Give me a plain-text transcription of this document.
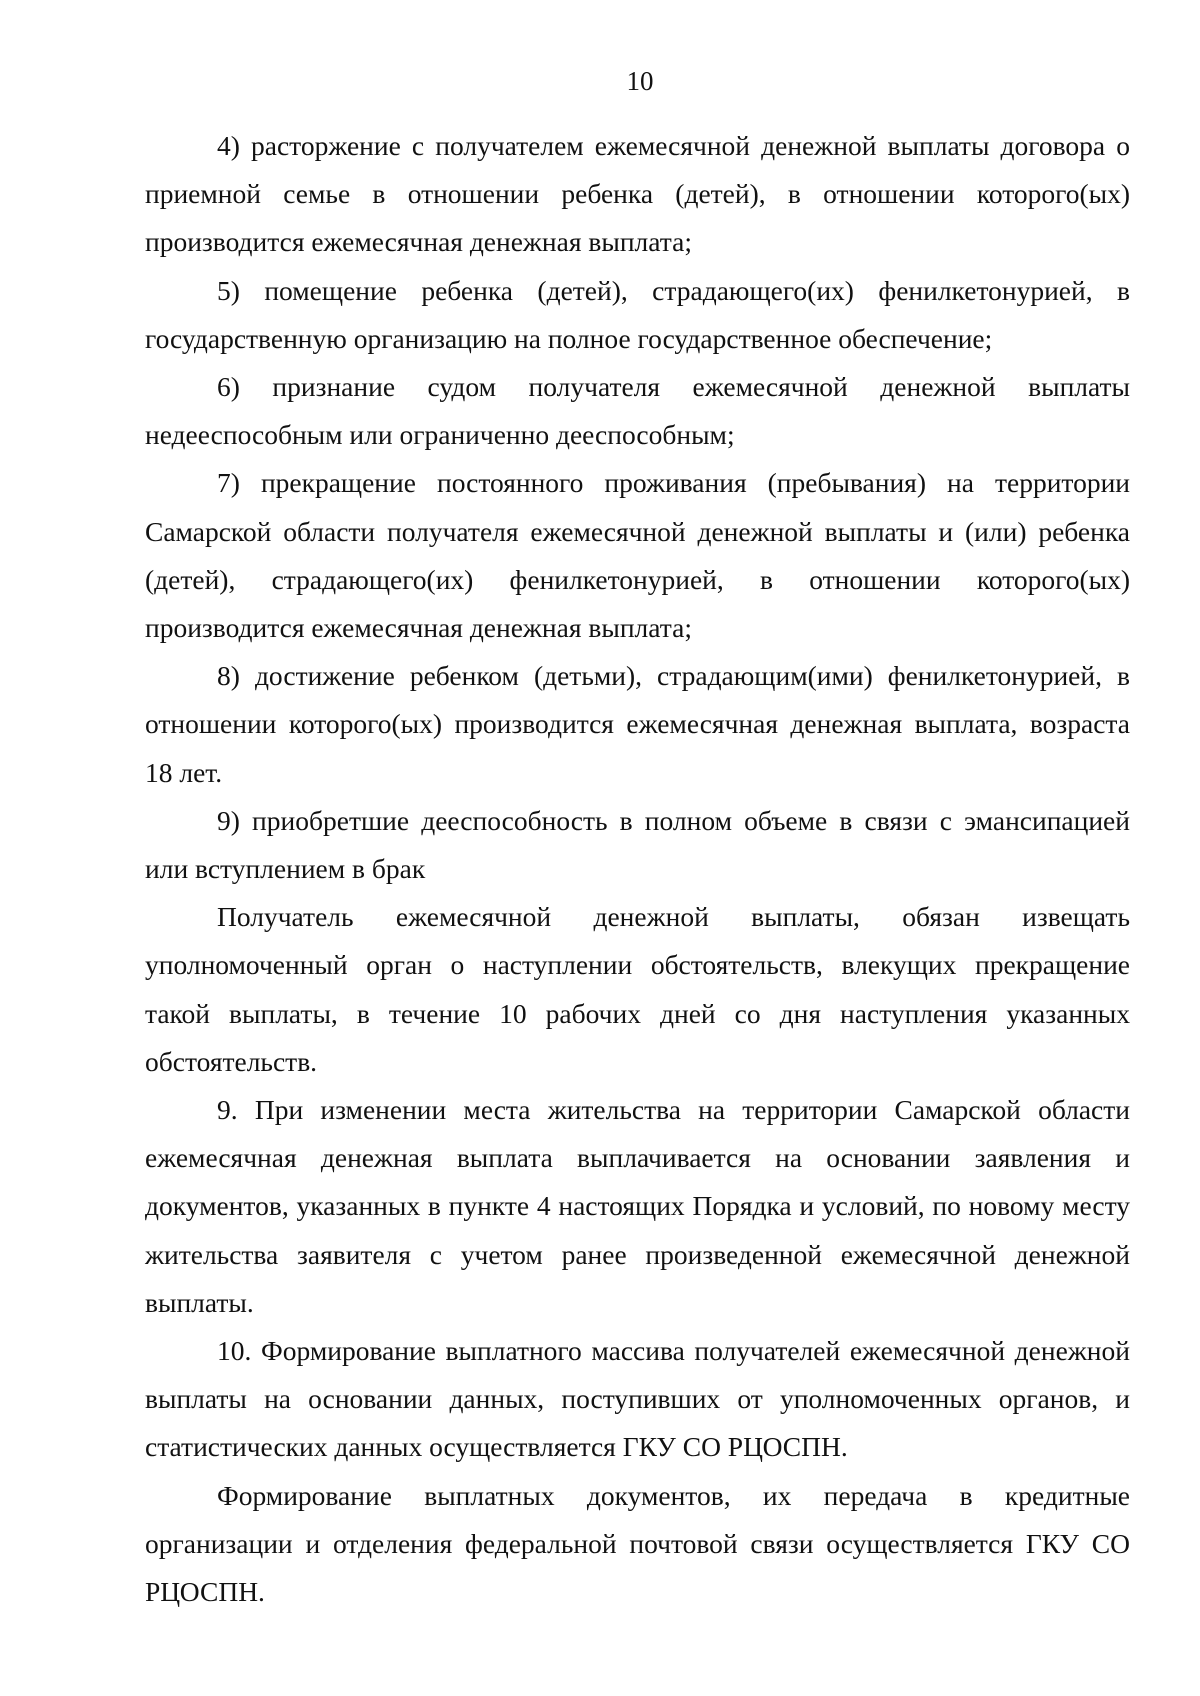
10

4) расторжение с получателем ежемесячной денежной выплаты договора о приемной семье в отношении ребенка (детей), в отношении которого(ых) производится ежемесячная денежная выплата;

5) помещение ребенка (детей), страдающего(их) фенилкетонурией, в государственную организацию на полное государственное обеспечение;

6) признание судом получателя ежемесячной денежной выплаты недееспособным или ограниченно дееспособным;

7) прекращение постоянного проживания (пребывания) на территории Самарской области получателя ежемесячной денежной выплаты и (или) ребенка (детей), страдающего(их) фенилкетонурией, в отношении которого(ых) производится ежемесячная денежная выплата;

8) достижение ребенком (детьми), страдающим(ими) фенилкетонурией, в отношении которого(ых) производится ежемесячная денежная выплата, возраста 18 лет.

9) приобретшие дееспособность в полном объеме в связи с эмансипацией или вступлением в брак

Получатель ежемесячной денежной выплаты, обязан извещать уполномоченный орган о наступлении обстоятельств, влекущих прекращение такой выплаты, в течение 10 рабочих дней со дня наступления указанных обстоятельств.

9. При изменении места жительства на территории Самарской области ежемесячная денежная выплата выплачивается на основании заявления и документов, указанных в пункте 4 настоящих Порядка и условий, по новому месту жительства заявителя с учетом ранее произведенной ежемесячной денежной выплаты.

10. Формирование выплатного массива получателей ежемесячной денежной выплаты на основании данных, поступивших от уполномоченных органов, и статистических данных осуществляется ГКУ СО РЦОСПН.

Формирование выплатных документов, их передача в кредитные организации и отделения федеральной почтовой связи осуществляется ГКУ СО РЦОСПН.
